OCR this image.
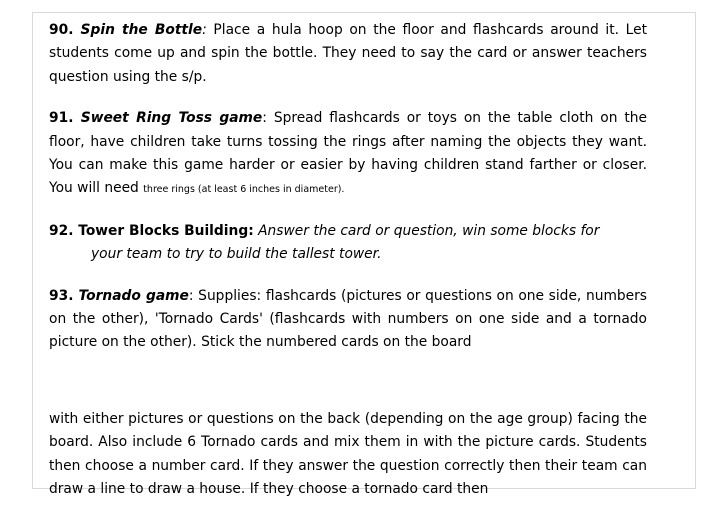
90. Spin the Bottle: Place a hula hoop on the floor and flashcards around it. Let students come up and spin the bottle. They need to say the card or answer teachers question using the s/p.

91. Sweet Ring Toss game: Spread flashcards or toys on the table cloth on the floor, have children take turns tossing the rings after naming the objects they want. You can make this game harder or easier by having children stand farther or closer. You will need three rings (at least 6 inches in diameter).

92. Tower Blocks Building: Answer the card or question, win some blocks for
your team to try to build the tallest tower.

93. Tornado game: Supplies: flashcards (pictures or questions on one side, numbers on the other), 'Tornado Cards' (flashcards with numbers on one side and a tornado picture on the other). Stick the numbered cards on the board

with either pictures or questions on the back (depending on the age group) facing the board. Also include 6 Tornado cards and mix them in with the picture cards. Students then choose a number card. If they answer the question correctly then their team can draw a line to draw a house. If they choose a tornado card then
